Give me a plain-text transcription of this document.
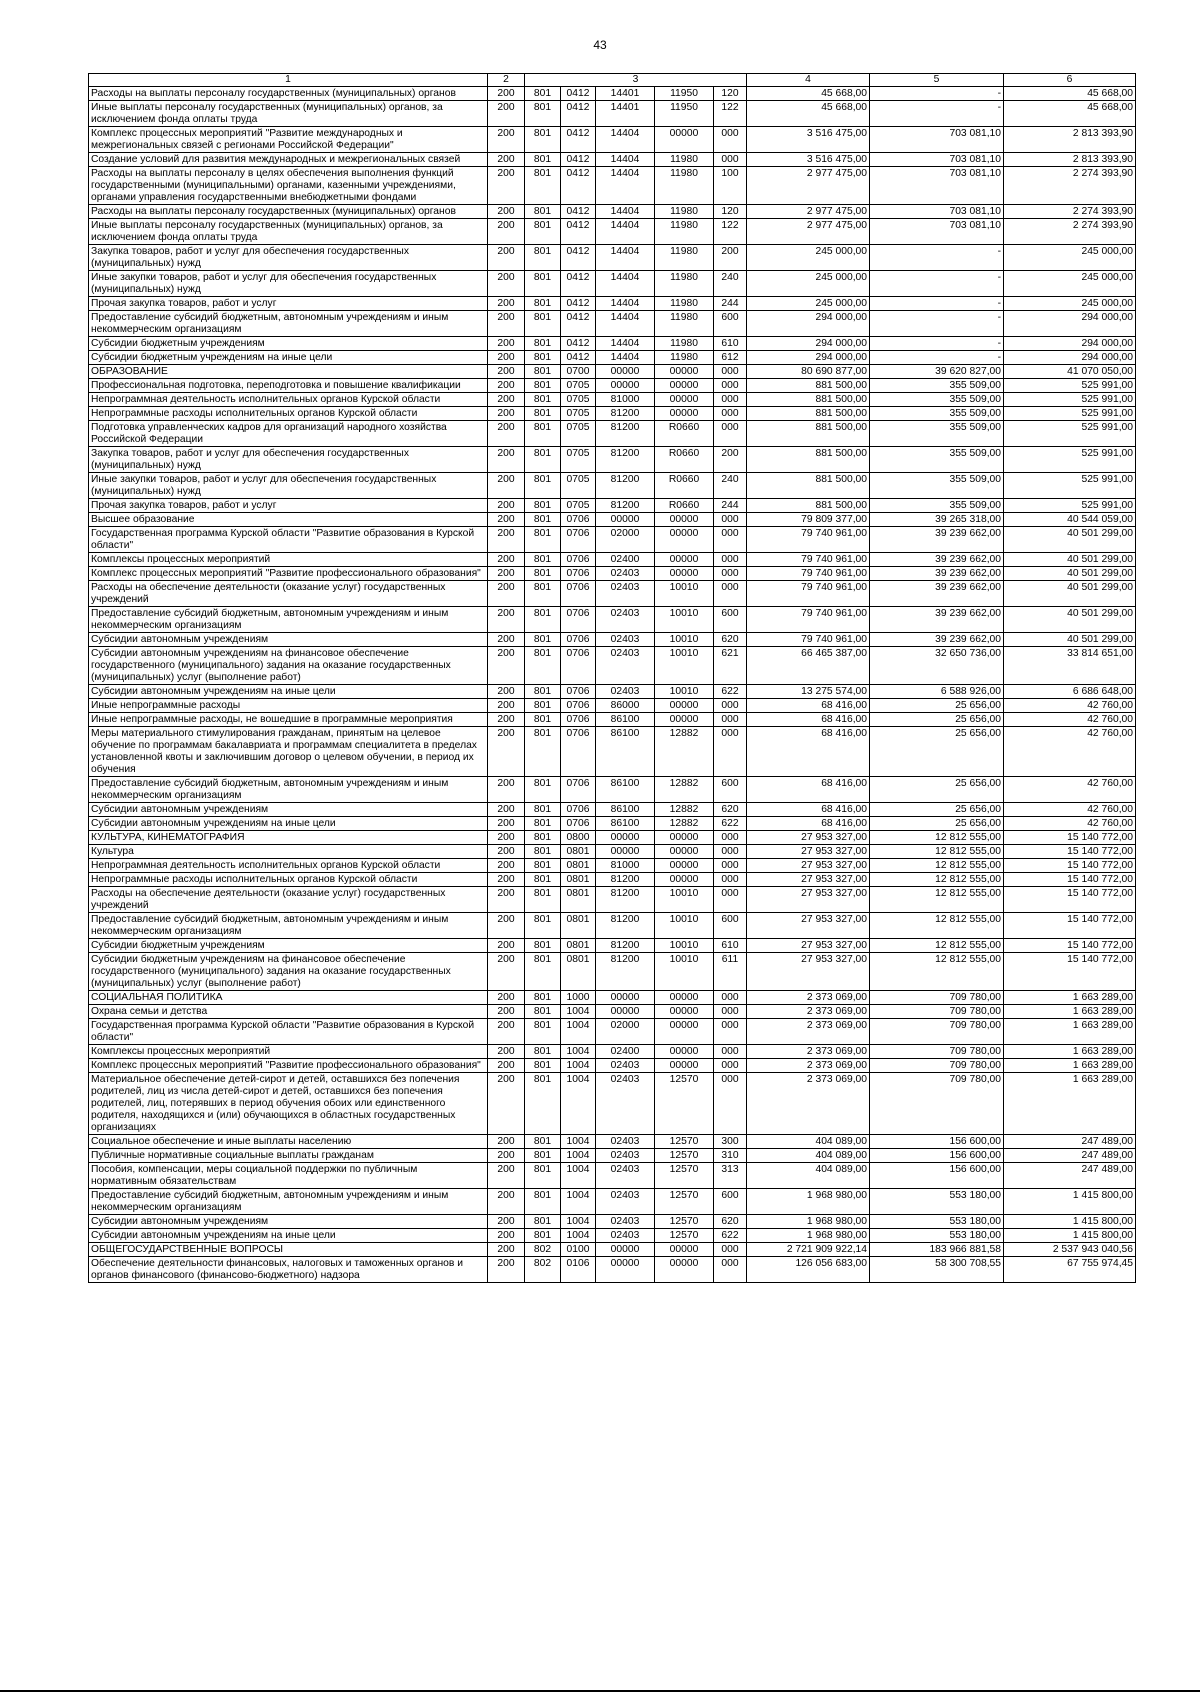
43
1	2	3					4	5	6
Расходы на выплаты персоналу государственных (муниципальных) органов	200	801	0412	14401	11950	120	45 668,00	-	45 668,00
Иные выплаты персоналу государственных (муниципальных) органов, за исключением фонда оплаты труда	200	801	0412	14401	11950	122	45 668,00	-	45 668,00
Комплекс процессных мероприятий "Развитие международных и межрегиональных связей с регионами Российской Федерации"	200	801	0412	14404	00000	000	3 516 475,00	703 081,10	2 813 393,90
Создание условий для развития международных и межрегиональных связей	200	801	0412	14404	11980	000	3 516 475,00	703 081,10	2 813 393,90
Расходы на выплаты персоналу в целях обеспечения выполнения функций государственными (муниципальными) органами, казенными учреждениями, органами управления государственными внебюджетными фондами	200	801	0412	14404	11980	100	2 977 475,00	703 081,10	2 274 393,90
Расходы на выплаты персоналу государственных (муниципальных) органов	200	801	0412	14404	11980	120	2 977 475,00	703 081,10	2 274 393,90
Иные выплаты персоналу государственных (муниципальных) органов, за исключением фонда оплаты труда	200	801	0412	14404	11980	122	2 977 475,00	703 081,10	2 274 393,90
Закупка товаров, работ и услуг для обеспечения государственных (муниципальных) нужд	200	801	0412	14404	11980	200	245 000,00	-	245 000,00
Иные закупки товаров, работ и услуг для обеспечения государственных (муниципальных) нужд	200	801	0412	14404	11980	240	245 000,00	-	245 000,00
Прочая закупка товаров, работ и услуг	200	801	0412	14404	11980	244	245 000,00	-	245 000,00
Предоставление субсидий бюджетным, автономным учреждениям и иным некоммерческим организациям	200	801	0412	14404	11980	600	294 000,00	-	294 000,00
Субсидии бюджетным учреждениям	200	801	0412	14404	11980	610	294 000,00	-	294 000,00
Субсидии бюджетным учреждениям на иные цели	200	801	0412	14404	11980	612	294 000,00	-	294 000,00
ОБРАЗОВАНИЕ	200	801	0700	00000	00000	000	80 690 877,00	39 620 827,00	41 070 050,00
Профессиональная подготовка, переподготовка и повышение квалификации	200	801	0705	00000	00000	000	881 500,00	355 509,00	525 991,00
Непрограммная деятельность исполнительных органов Курской области	200	801	0705	81000	00000	000	881 500,00	355 509,00	525 991,00
Непрограммные расходы исполнительных органов Курской области	200	801	0705	81200	00000	000	881 500,00	355 509,00	525 991,00
Подготовка управленческих кадров для организаций народного хозяйства Российской Федерации	200	801	0705	81200	R0660	000	881 500,00	355 509,00	525 991,00
Закупка товаров, работ и услуг для обеспечения государственных (муниципальных) нужд	200	801	0705	81200	R0660	200	881 500,00	355 509,00	525 991,00
Иные закупки товаров, работ и услуг для обеспечения государственных (муниципальных) нужд	200	801	0705	81200	R0660	240	881 500,00	355 509,00	525 991,00
Прочая закупка товаров, работ и услуг	200	801	0705	81200	R0660	244	881 500,00	355 509,00	525 991,00
Высшее образование	200	801	0706	00000	00000	000	79 809 377,00	39 265 318,00	40 544 059,00
Государственная программа Курской области "Развитие образования в Курской области"	200	801	0706	02000	00000	000	79 740 961,00	39 239 662,00	40 501 299,00
Комплексы процессных мероприятий	200	801	0706	02400	00000	000	79 740 961,00	39 239 662,00	40 501 299,00
Комплекс процессных мероприятий "Развитие профессионального образования"	200	801	0706	02403	00000	000	79 740 961,00	39 239 662,00	40 501 299,00
Расходы на обеспечение деятельности (оказание услуг) государственных учреждений	200	801	0706	02403	10010	000	79 740 961,00	39 239 662,00	40 501 299,00
Предоставление субсидий бюджетным, автономным учреждениям и иным некоммерческим организациям	200	801	0706	02403	10010	600	79 740 961,00	39 239 662,00	40 501 299,00
Субсидии автономным учреждениям	200	801	0706	02403	10010	620	79 740 961,00	39 239 662,00	40 501 299,00
Субсидии автономным учреждениям на финансовое обеспечение государственного (муниципального) задания на оказание государственных (муниципальных) услуг (выполнение работ)	200	801	0706	02403	10010	621	66 465 387,00	32 650 736,00	33 814 651,00
Субсидии автономным учреждениям на иные цели	200	801	0706	02403	10010	622	13 275 574,00	6 588 926,00	6 686 648,00
Иные непрограммные расходы	200	801	0706	86000	00000	000	68 416,00	25 656,00	42 760,00
Иные непрограммные расходы, не вошедшие в программные мероприятия	200	801	0706	86100	00000	000	68 416,00	25 656,00	42 760,00
Меры материального стимулирования гражданам, принятым на целевое обучение по программам бакалавриата и программам специалитета в пределах установленной квоты и заключившим договор о целевом обучении, в период их обучения	200	801	0706	86100	12882	000	68 416,00	25 656,00	42 760,00
Предоставление субсидий бюджетным, автономным учреждениям и иным некоммерческим организациям	200	801	0706	86100	12882	600	68 416,00	25 656,00	42 760,00
Субсидии автономным учреждениям	200	801	0706	86100	12882	620	68 416,00	25 656,00	42 760,00
Субсидии автономным учреждениям на иные цели	200	801	0706	86100	12882	622	68 416,00	25 656,00	42 760,00
КУЛЬТУРА, КИНЕМАТОГРАФИЯ	200	801	0800	00000	00000	000	27 953 327,00	12 812 555,00	15 140 772,00
Культура	200	801	0801	00000	00000	000	27 953 327,00	12 812 555,00	15 140 772,00
Непрограммная деятельность исполнительных органов Курской области	200	801	0801	81000	00000	000	27 953 327,00	12 812 555,00	15 140 772,00
Непрограммные расходы исполнительных органов Курской области	200	801	0801	81200	00000	000	27 953 327,00	12 812 555,00	15 140 772,00
Расходы на обеспечение деятельности (оказание услуг) государственных учреждений	200	801	0801	81200	10010	000	27 953 327,00	12 812 555,00	15 140 772,00
Предоставление субсидий бюджетным, автономным учреждениям и иным некоммерческим организациям	200	801	0801	81200	10010	600	27 953 327,00	12 812 555,00	15 140 772,00
Субсидии бюджетным учреждениям	200	801	0801	81200	10010	610	27 953 327,00	12 812 555,00	15 140 772,00
Субсидии бюджетным учреждениям на финансовое обеспечение государственного (муниципального) задания на оказание государственных (муниципальных) услуг (выполнение работ)	200	801	0801	81200	10010	611	27 953 327,00	12 812 555,00	15 140 772,00
СОЦИАЛЬНАЯ ПОЛИТИКА	200	801	1000	00000	00000	000	2 373 069,00	709 780,00	1 663 289,00
Охрана семьи и детства	200	801	1004	00000	00000	000	2 373 069,00	709 780,00	1 663 289,00
Государственная программа Курской области "Развитие образования в Курской области"	200	801	1004	02000	00000	000	2 373 069,00	709 780,00	1 663 289,00
Комплексы процессных мероприятий	200	801	1004	02400	00000	000	2 373 069,00	709 780,00	1 663 289,00
Комплекс процессных мероприятий "Развитие профессионального образования"	200	801	1004	02403	00000	000	2 373 069,00	709 780,00	1 663 289,00
Материальное обеспечение детей-сирот и детей, оставшихся без попечения родителей, лиц из числа детей-сирот и детей, оставшихся без попечения родителей, лиц, потерявших в период обучения обоих или единственного родителя, находящихся и (или) обучающихся в областных государственных организациях	200	801	1004	02403	12570	000	2 373 069,00	709 780,00	1 663 289,00
Социальное обеспечение и иные выплаты населению	200	801	1004	02403	12570	300	404 089,00	156 600,00	247 489,00
Публичные нормативные социальные выплаты гражданам	200	801	1004	02403	12570	310	404 089,00	156 600,00	247 489,00
Пособия, компенсации, меры социальной поддержки по публичным нормативным обязательствам	200	801	1004	02403	12570	313	404 089,00	156 600,00	247 489,00
Предоставление субсидий бюджетным, автономным учреждениям и иным некоммерческим организациям	200	801	1004	02403	12570	600	1 968 980,00	553 180,00	1 415 800,00
Субсидии автономным учреждениям	200	801	1004	02403	12570	620	1 968 980,00	553 180,00	1 415 800,00
Субсидии автономным учреждениям на иные цели	200	801	1004	02403	12570	622	1 968 980,00	553 180,00	1 415 800,00
ОБЩЕГОСУДАРСТВЕННЫЕ ВОПРОСЫ	200	802	0100	00000	00000	000	2 721 909 922,14	183 966 881,58	2 537 943 040,56
Обеспечение деятельности финансовых, налоговых и таможенных органов и органов финансового (финансово-бюджетного) надзора	200	802	0106	00000	00000	000	126 056 683,00	58 300 708,55	67 755 974,45
